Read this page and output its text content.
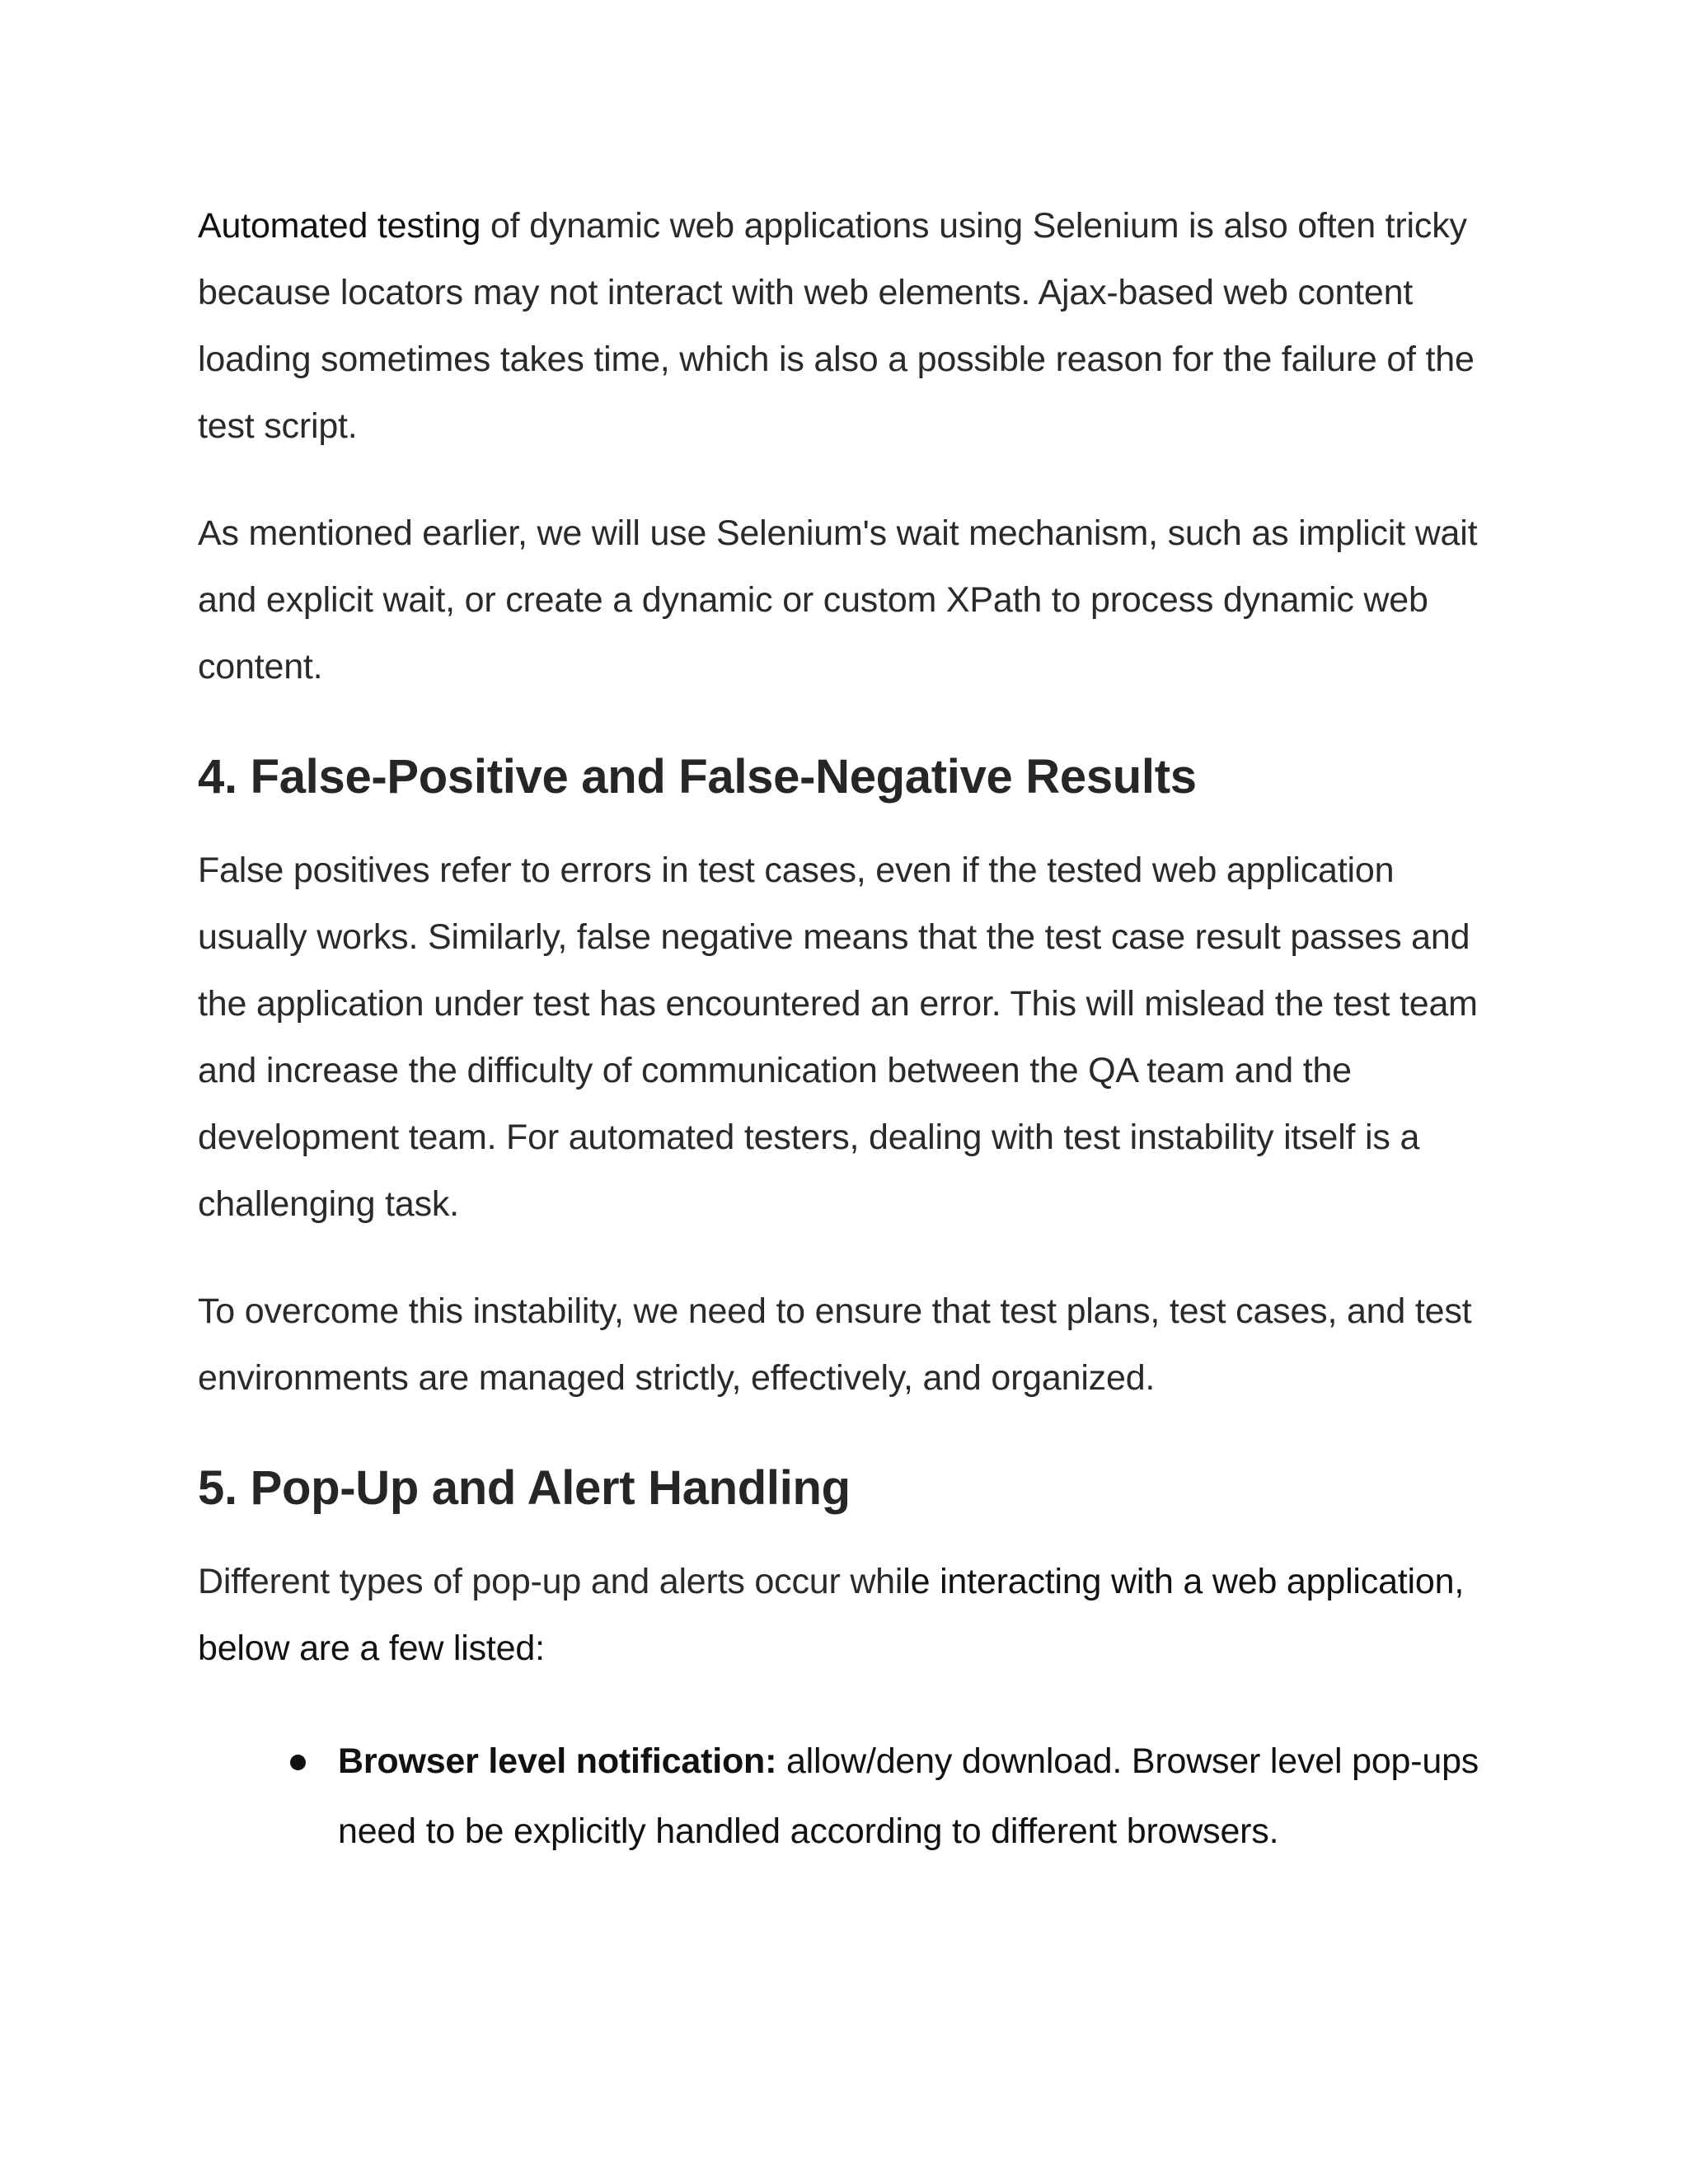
Automated testing of dynamic web applications using Selenium is also often tricky because locators may not interact with web elements. Ajax-based web content loading sometimes takes time, which is also a possible reason for the failure of the test script.

As mentioned earlier, we will use Selenium's wait mechanism, such as implicit wait and explicit wait, or create a dynamic or custom XPath to process dynamic web content.

4. False-Positive and False-Negative Results

False positives refer to errors in test cases, even if the tested web application usually works. Similarly, false negative means that the test case result passes and the application under test has encountered an error. This will mislead the test team and increase the difficulty of communication between the QA team and the development team. For automated testers, dealing with test instability itself is a challenging task.

To overcome this instability, we need to ensure that test plans, test cases, and test environments are managed strictly, effectively, and organized.

5. Pop-Up and Alert Handling

Different types of pop-up and alerts occur while interacting with a web application, below are a few listed:

Browser level notification: allow/deny download. Browser level pop-ups need to be explicitly handled according to different browsers.
